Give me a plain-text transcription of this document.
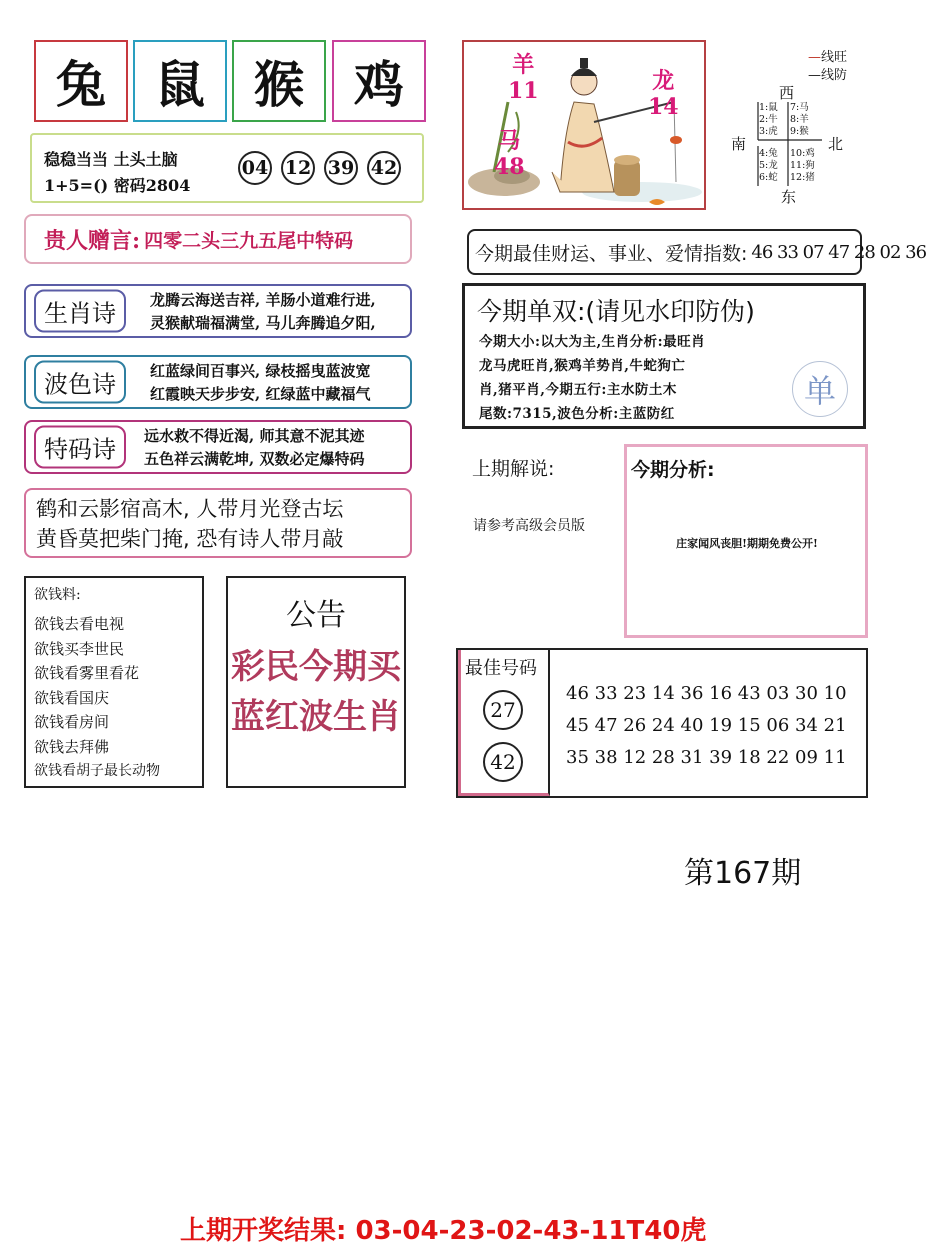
兔 鼠 猴 鸡
稳稳当当 土头土脑
1+5=() 密码2804
04 12 39 42
贵人赠言: 四零二头三九五尾中特码
生肖诗	龙腾云海送吉祥, 羊肠小道难行进,
灵猴献瑞福满堂, 马儿奔腾追夕阳,
波色诗	红蓝绿间百事兴, 绿枝摇曳蓝波宽
红霞映天步步安, 红绿蓝中藏福气
特码诗	远水救不得近渴, 师其意不泥其迹
五色祥云满乾坤, 双数必定爆特码
鹤和云影宿高木, 人带月光登古坛
黄昏莫把柴门掩, 恐有诗人带月敲
欲钱料:
欲钱去看电视
欲钱买李世民
欲钱看雾里看花
欲钱看国庆
欲钱看房间
欲钱去拜佛
欲钱看胡子最长动物
公告
彩民今期买
蓝红波生肖
羊
11	龙
14
马
48
—线旺
—线防
西
南	北
东
1:鼠
2:牛
3:虎
7:马
8:羊
9:猴
4:兔
5:龙
6:蛇
10:鸡
11:狗
12:猪
今期最佳财运、事业、爱情指数: 46 33 07 47 28 02 36
今期单双:(请见水印防伪)
今期大小:以大为主,生肖分析:最旺肖
龙马虎旺肖,猴鸡羊势肖,牛蛇狗亡
肖,猪平肖,今期五行:主水防土木
尾数:7315,波色分析:主蓝防红
单
上期解说:
请参考高级会员版
今期分析:
庄家闻风丧胆!期期免费公开!
最佳号码
27
42
46 33 23 14 36 16 43 03 30 10
45 47 26 24 40 19 15 06 34 21
35 38 12 28 31 39 18 22 09 11
第167期
上期开奖结果: 03-04-23-02-43-11T40虎
